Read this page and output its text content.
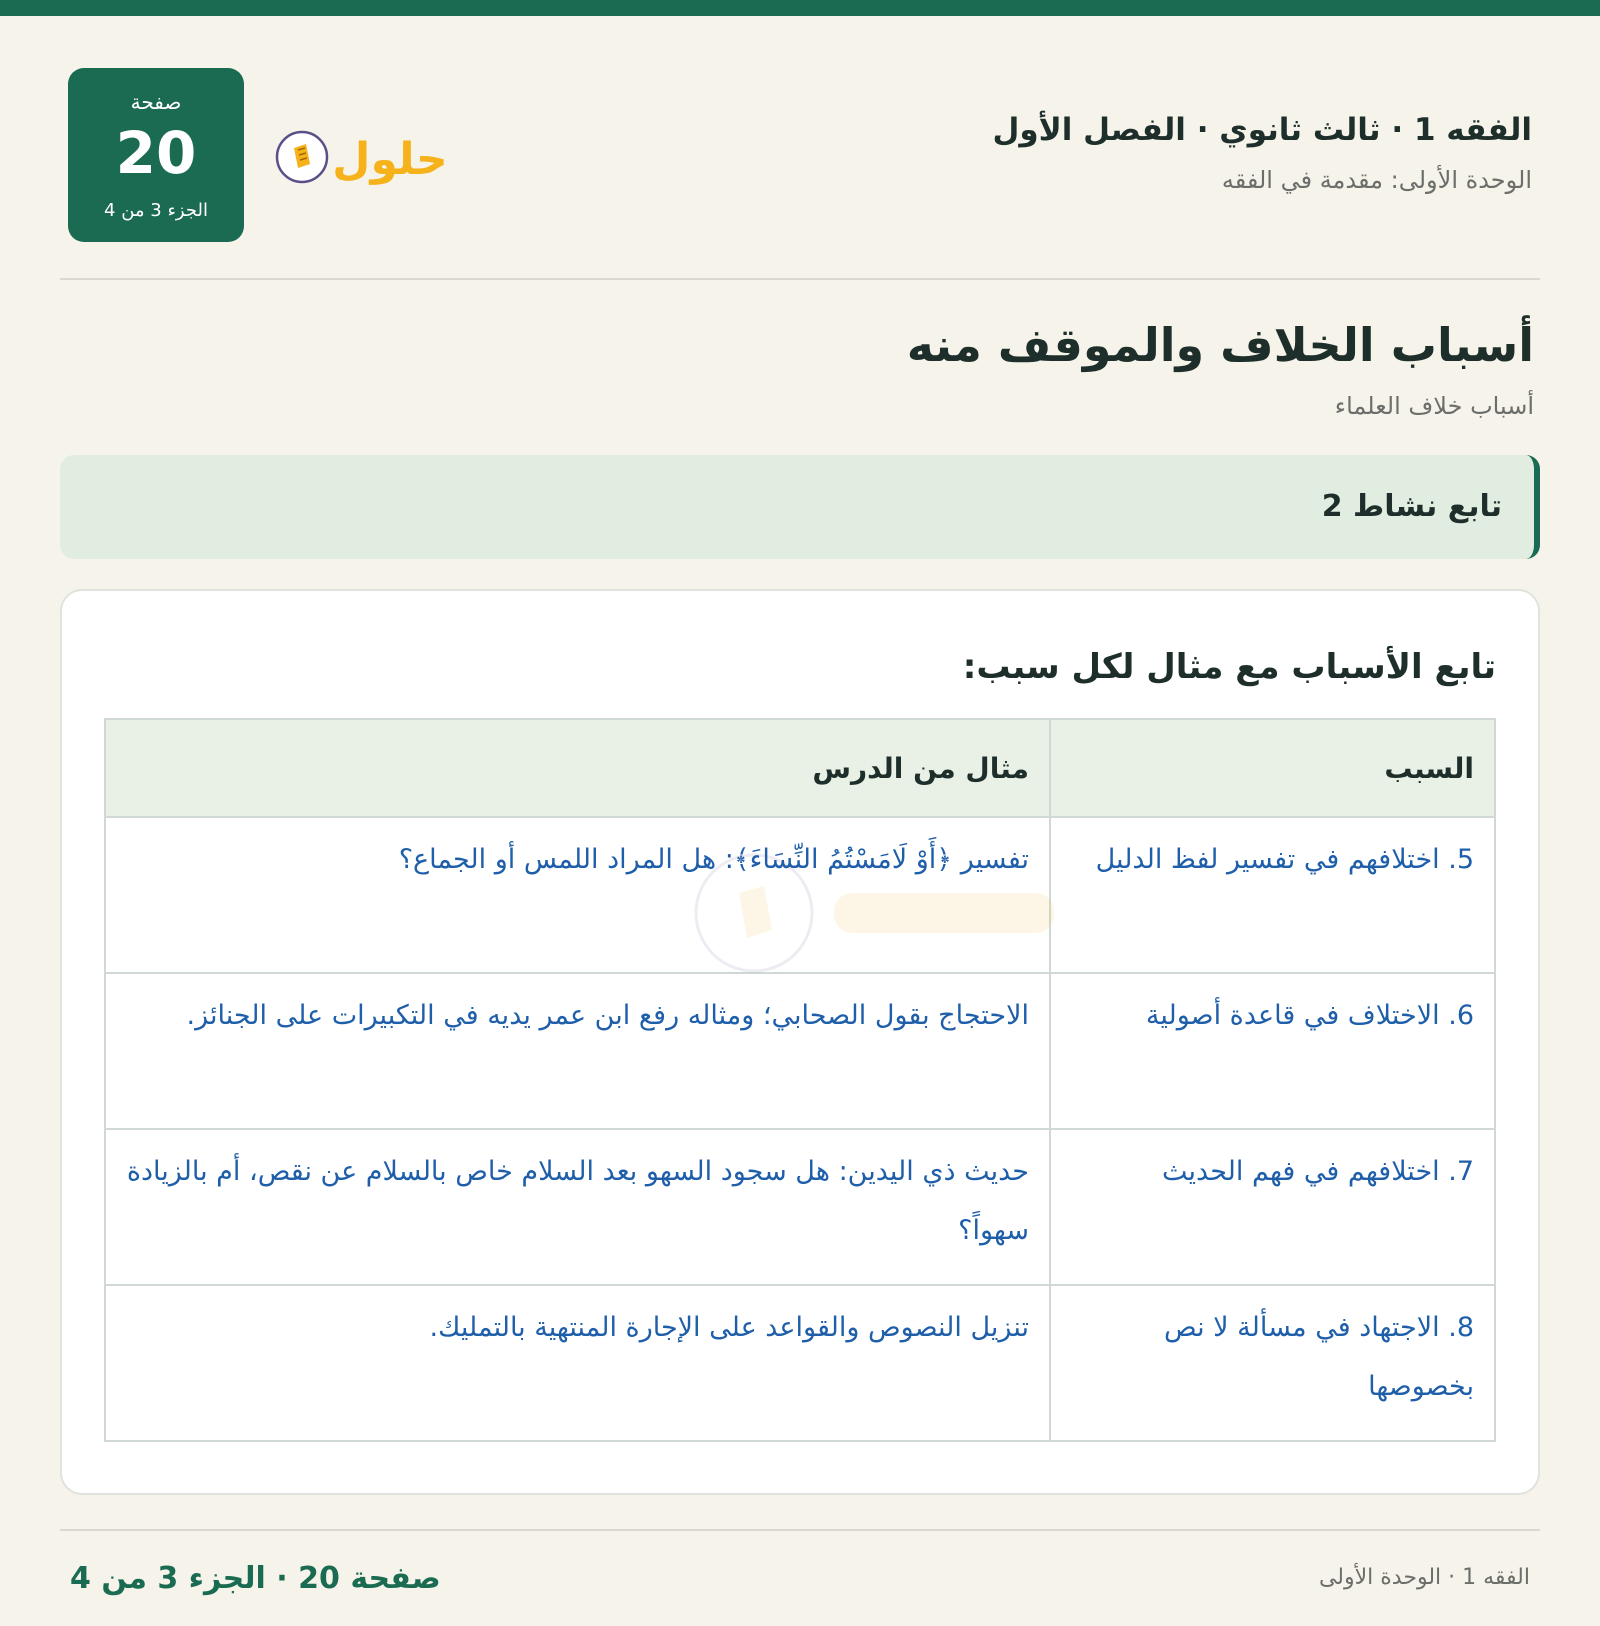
الفقه 1 · ثالث ثانوي · الفصل الأول
الوحدة الأولى: مقدمة في الفقه
حلول
صفحة
20
الجزء 3 من 4
أسباب الخلاف والموقف منه
أسباب خلاف العلماء
تابع نشاط 2
تابع الأسباب مع مثال لكل سبب:
السبب	مثال من الدرس
5. اختلافهم في تفسير لفظ الدليل	تفسير ﴿أَوْ لَامَسْتُمُ النِّسَاءَ﴾: هل المراد اللمس أو الجماع؟
6. الاختلاف في قاعدة أصولية	الاحتجاج بقول الصحابي؛ ومثاله رفع ابن عمر يديه في التكبيرات على الجنائز.
7. اختلافهم في فهم الحديث	حديث ذي اليدين: هل سجود السهو بعد السلام خاص بالسلام عن نقص، أم بالزيادة سهواً؟
8. الاجتهاد في مسألة لا نص بخصوصها	تنزيل النصوص والقواعد على الإجارة المنتهية بالتمليك.
الفقه 1 · الوحدة الأولى
صفحة 20 · الجزء 3 من 4
